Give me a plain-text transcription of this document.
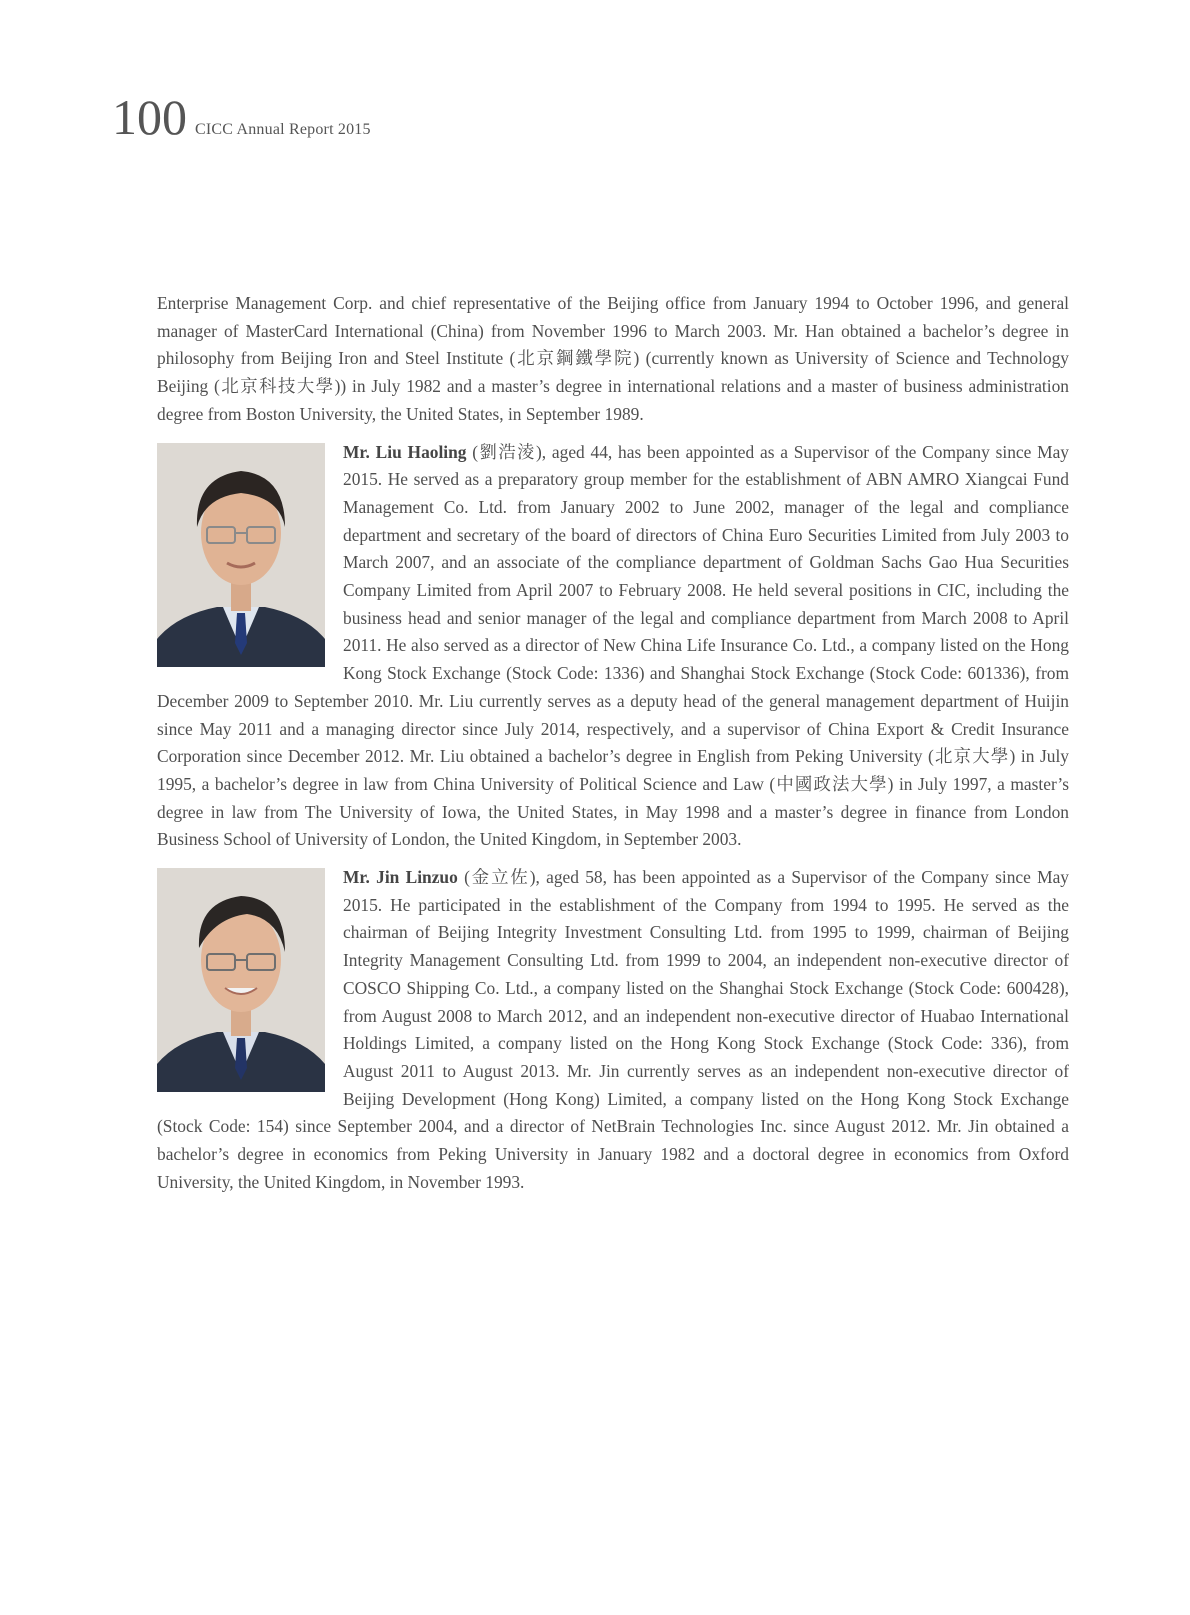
100 CICC Annual Report 2015

Enterprise Management Corp. and chief representative of the Beijing office from January 1994 to October 1996, and general manager of MasterCard International (China) from November 1996 to March 2003. Mr. Han obtained a bachelor’s degree in philosophy from Beijing Iron and Steel Institute (北京鋼鐵學院) (currently known as University of Science and Technology Beijing (北京科技大學)) in July 1982 and a master’s degree in international relations and a master of business administration degree from Boston University, the United States, in September 1989.

Mr. Liu Haoling (劉浩淩), aged 44, has been appointed as a Supervisor of the Company since May 2015. He served as a preparatory group member for the establishment of ABN AMRO Xiangcai Fund Management Co. Ltd. from January 2002 to June 2002, manager of the legal and compliance department and secretary of the board of directors of China Euro Securities Limited from July 2003 to March 2007, and an associate of the compliance department of Goldman Sachs Gao Hua Securities Company Limited from April 2007 to February 2008. He held several positions in CIC, including the business head and senior manager of the legal and compliance department from March 2008 to April 2011. He also served as a director of New China Life Insurance Co. Ltd., a company listed on the Hong Kong Stock Exchange (Stock Code: 1336) and Shanghai Stock Exchange (Stock Code: 601336), from December 2009 to September 2010. Mr. Liu currently serves as a deputy head of the general management department of Huijin since May 2011 and a managing director since July 2014, respectively, and a supervisor of China Export & Credit Insurance Corporation since December 2012. Mr. Liu obtained a bachelor’s degree in English from Peking University (北京大學) in July 1995, a bachelor’s degree in law from China University of Political Science and Law (中國政法大學) in July 1997, a master’s degree in law from The University of Iowa, the United States, in May 1998 and a master’s degree in finance from London Business School of University of London, the United Kingdom, in September 2003.

Mr. Jin Linzuo (金立佐), aged 58, has been appointed as a Supervisor of the Company since May 2015. He participated in the establishment of the Company from 1994 to 1995. He served as the chairman of Beijing Integrity Investment Consulting Ltd. from 1995 to 1999, chairman of Beijing Integrity Management Consulting Ltd. from 1999 to 2004, an independent non-executive director of COSCO Shipping Co. Ltd., a company listed on the Shanghai Stock Exchange (Stock Code: 600428), from August 2008 to March 2012, and an independent non-executive director of Huabao International Holdings Limited, a company listed on the Hong Kong Stock Exchange (Stock Code: 336), from August 2011 to August 2013. Mr. Jin currently serves as an independent non-executive director of Beijing Development (Hong Kong) Limited, a company listed on the Hong Kong Stock Exchange (Stock Code: 154) since September 2004, and a director of NetBrain Technologies Inc. since August 2012. Mr. Jin obtained a bachelor’s degree in economics from Peking University in January 1982 and a doctoral degree in economics from Oxford University, the United Kingdom, in November 1993.
